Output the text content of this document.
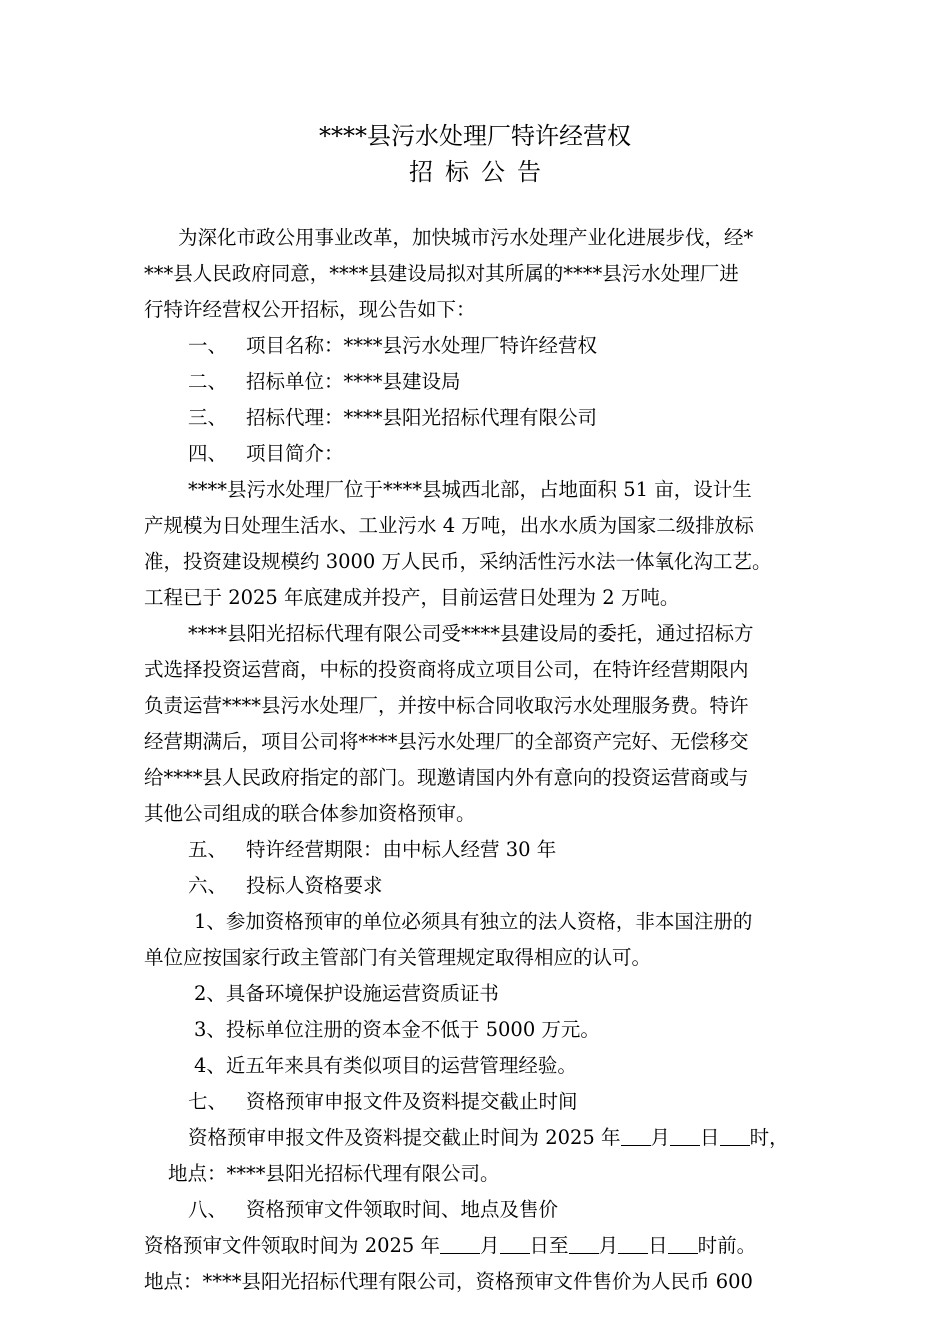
****县污水处理厂特许经营权
招标公告
为深化市政公用事业改革，加快城市污水处理产业化进展步伐，经*
***县人民政府同意，****县建设局拟对其所属的****县污水处理厂进
行特许经营权公开招标，现公告如下：
一、 项目名称：****县污水处理厂特许经营权
二、 招标单位：****县建设局
三、 招标代理：****县阳光招标代理有限公司
四、 项目简介：
****县污水处理厂位于****县城西北部，占地面积 51 亩，设计生
产规模为日处理生活水、工业污水 4 万吨，出水水质为国家二级排放标
准，投资建设规模约 3000 万人民币，采纳活性污水法一体氧化沟工艺。
工程已于 2025 年底建成并投产，目前运营日处理为 2 万吨。
****县阳光招标代理有限公司受****县建设局的委托，通过招标方
式选择投资运营商，中标的投资商将成立项目公司，在特许经营期限内
负责运营****县污水处理厂，并按中标合同收取污水处理服务费。特许
经营期满后，项目公司将****县污水处理厂的全部资产完好、无偿移交
给****县人民政府指定的部门。现邀请国内外有意向的投资运营商或与
其他公司组成的联合体参加资格预审。
五、 特许经营期限：由中标人经营 30 年
六、 投标人资格要求
1、参加资格预审的单位必须具有独立的法人资格，非本国注册的
单位应按国家行政主管部门有关管理规定取得相应的认可。
2、具备环境保护设施运营资质证书
3、投标单位注册的资本金不低于 5000 万元。
4、近五年来具有类似项目的运营管理经验。
七、 资格预审申报文件及资料提交截止时间
资格预审申报文件及资料提交截止时间为 2025 年 月 日 时，
地点：****县阳光招标代理有限公司。
八、 资格预审文件领取时间、地点及售价
资格预审文件领取时间为 2025 年 月 日至 月 日 时前。
地点：****县阳光招标代理有限公司，资格预审文件售价为人民币 600
